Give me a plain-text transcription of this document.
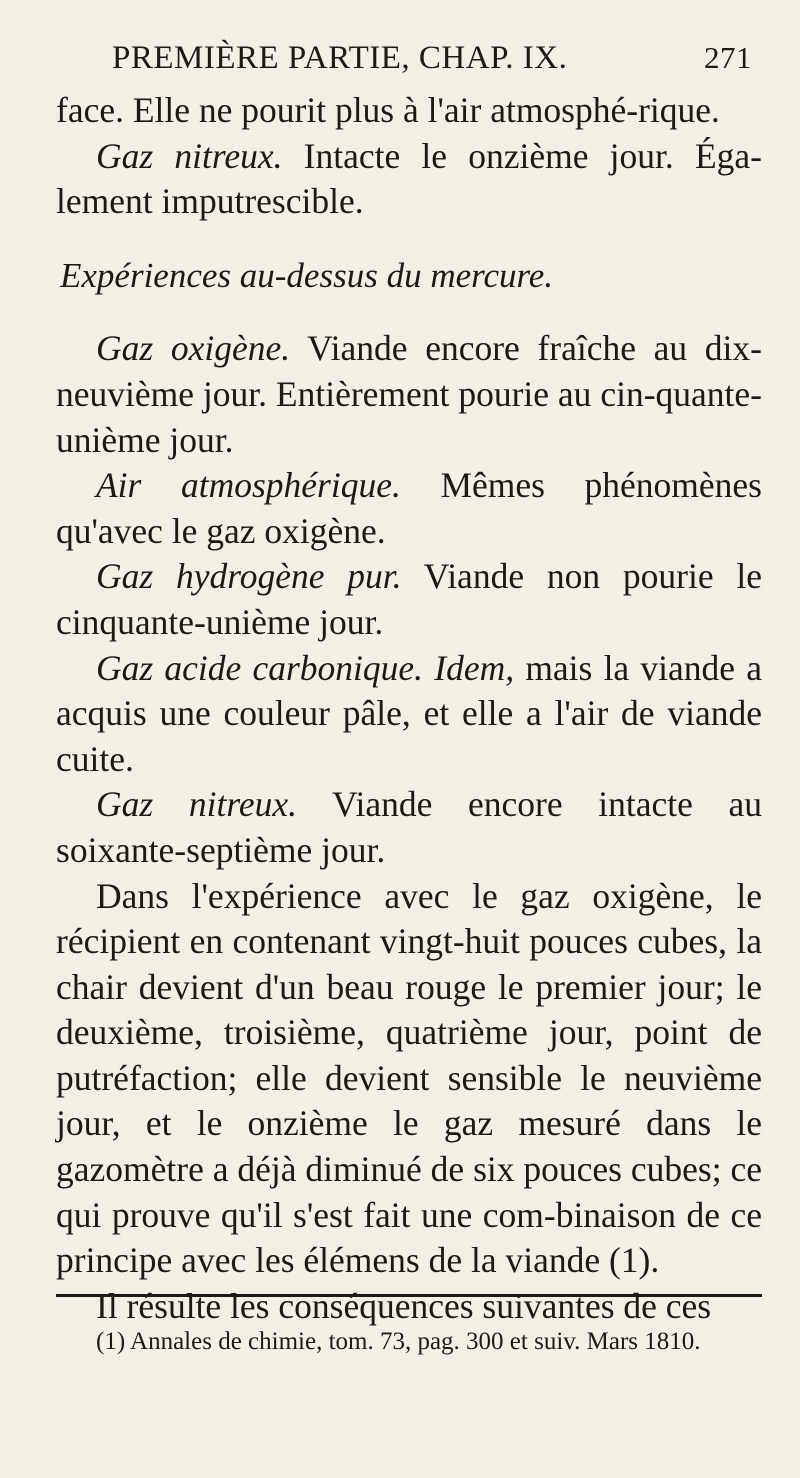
PREMIÈRE PARTIE, CHAP. IX.	271

face. Elle ne pourit plus à l'air atmosphé-rique.

Gaz nitreux. Intacte le onzième jour. Éga-lement imputrescible.

Expériences au-dessus du mercure.

Gaz oxigène. Viande encore fraîche au dix-neuvième jour. Entièrement pourie au cin-quante-unième jour.

Air atmosphérique. Mêmes phénomènes qu'avec le gaz oxigène.

Gaz hydrogène pur. Viande non pourie le cinquante-unième jour.

Gaz acide carbonique. Idem, mais la viande a acquis une couleur pâle, et elle a l'air de viande cuite.

Gaz nitreux. Viande encore intacte au soixante-septième jour.

Dans l'expérience avec le gaz oxigène, le récipient en contenant vingt-huit pouces cubes, la chair devient d'un beau rouge le premier jour; le deuxième, troisième, quatrième jour, point de putréfaction; elle devient sensible le neuvième jour, et le onzième le gaz mesuré dans le gazomètre a déjà diminué de six pouces cubes; ce qui prouve qu'il s'est fait une com-binaison de ce principe avec les élémens de la viande (1).

Il résulte les conséquences suivantes de ces

(1) Annales de chimie, tom. 73, pag. 300 et suiv. Mars 1810.
